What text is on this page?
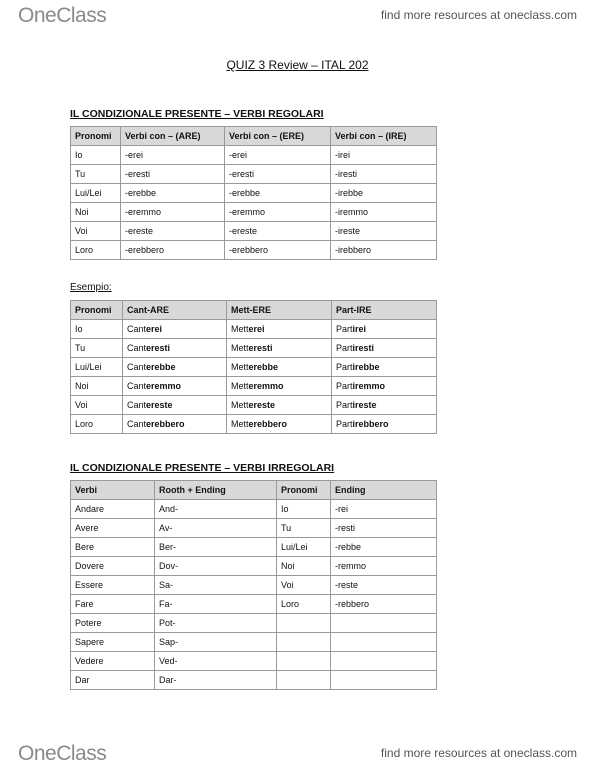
OneClass	find more resources at oneclass.com
QUIZ 3 Review – ITAL 202
IL CONDIZIONALE PRESENTE – VERBI REGOLARI
Pronomi	Verbi con – (ARE)	Verbi con – (ERE)	Verbi con – (IRE)
Io	-erei	-erei	-irei
Tu	-eresti	-eresti	-iresti
Lui/Lei	-erebbe	-erebbe	-irebbe
Noi	-eremmo	-eremmo	-iremmo
Voi	-ereste	-ereste	-ireste
Loro	-erebbero	-erebbero	-irebbero
Esempio:
Pronomi	Cant-ARE	Mett-ERE	Part-IRE
Io	Canterei	Metterei	Partirei
Tu	Canteresti	Metteresti	Partiresti
Lui/Lei	Canterebbe	Metterebbe	Partirebbe
Noi	Canteremmo	Metteremmo	Partiremmo
Voi	Cantereste	Mettereste	Partireste
Loro	Canterebbero	Metterebbero	Partirebbero
IL CONDIZIONALE PRESENTE – VERBI IRREGOLARI
Verbi	Rooth + Ending	Pronomi	Ending
Andare	And-	Io	-rei
Avere	Av-	Tu	-resti
Bere	Ber-	Lui/Lei	-rebbe
Dovere	Dov-	Noi	-remmo
Essere	Sa-	Voi	-reste
Fare	Fa-	Loro	-rebbero
Potere	Pot-		
Sapere	Sap-		
Vedere	Ved-		
Dar	Dar-		
OneClass	find more resources at oneclass.com
